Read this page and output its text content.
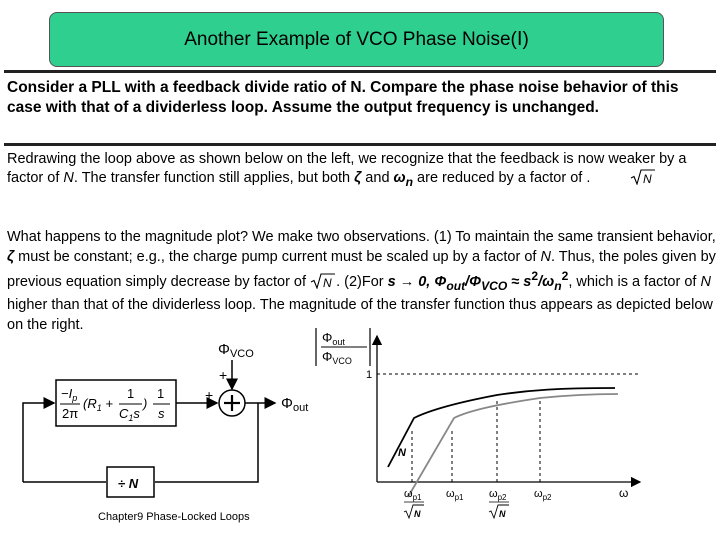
Another Example of VCO Phase Noise(Ⅰ)
Consider a PLL with a feedback divide ratio of N. Compare the phase noise behavior of this case with that of a dividerless loop. Assume the output frequency is unchanged.
Redrawing the loop above as shown below on the left, we recognize that the feedback is now weaker by a factor of N. The transfer function still applies, but both ζ and $\omega_n$ are reduced by a factor of .	N
What happens to the magnitude plot? We make two observations. (1) To maintain the same transient behavior, ζ must be constant; e.g., the charge pump current must be scaled up by a factor of N. Thus, the poles given by previous equation simply decrease by factor of N . (2)For s → 0, $\Phi_{out}/\Phi_{VCO} \approx s^2/\omega_n^2$, which is a factor of N higher than that of the dividerless loop. The magnitude of the transfer function thus appears as depicted below on the right.
$\Phi_{VCO}$
+
+	$\Phi_{out}$
$-I_p$
2π
($R_1$ +
1
$C_1s$
)
1
s
÷ N
$\Phi_{out}$
$\Phi_{VCO}$
1
N
ω
$\omega_{p1}$
N
$\omega_{p1}$ $\omega_{p2}$
N
$\omega_{p2}$
Chapter9 Phase-Locked Loops
